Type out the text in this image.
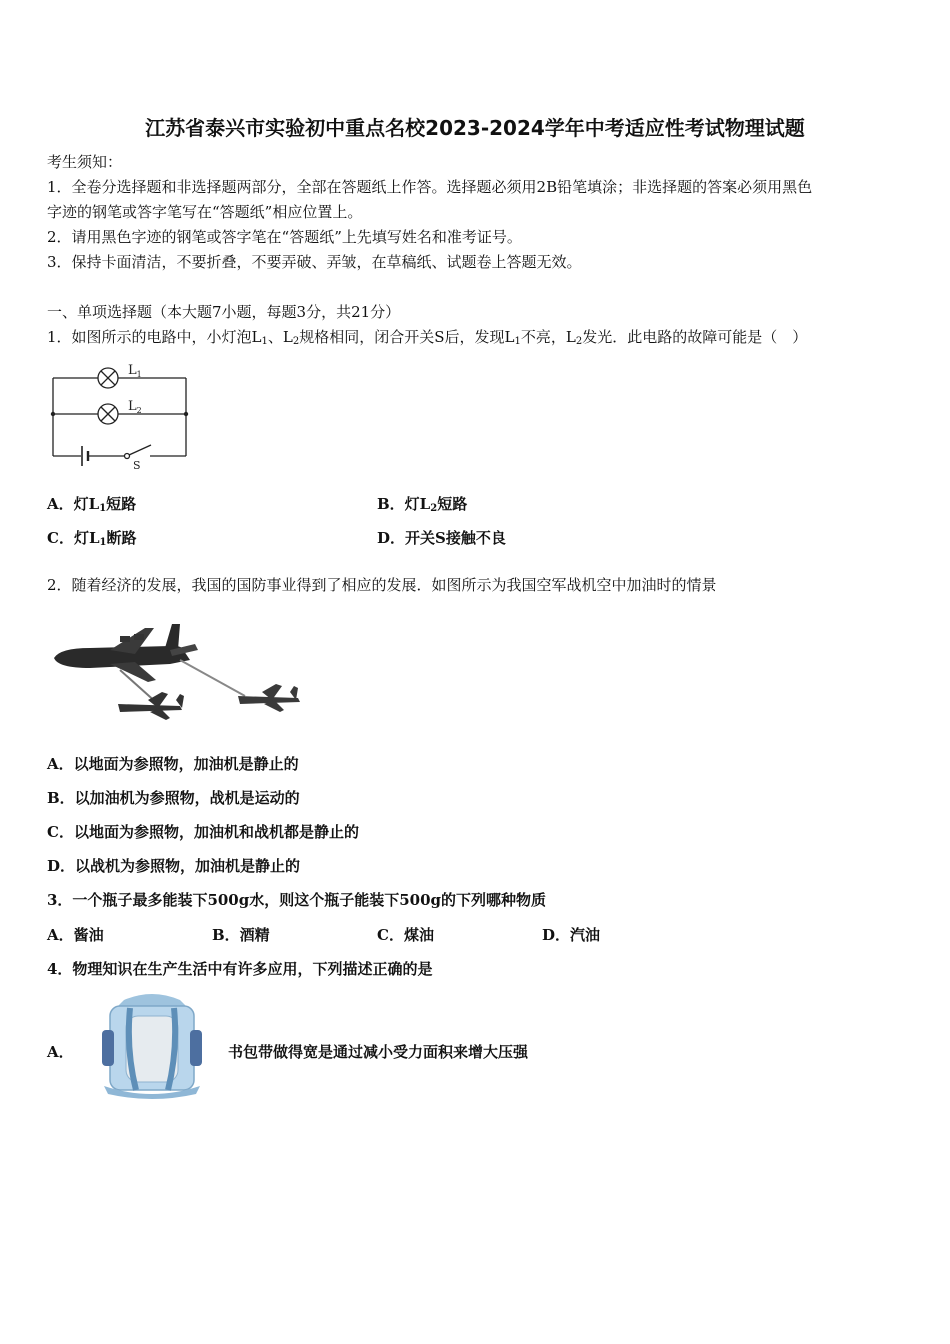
江苏省泰兴市实验初中重点名校2023-2024学年中考适应性考试物理试题
考生须知：
1．全卷分选择题和非选择题两部分，全部在答题纸上作答。选择题必须用2B铅笔填涂；非选择题的答案必须用黑色
字迹的钢笔或答字笔写在“答题纸”相应位置上。
2．请用黑色字迹的钢笔或答字笔在“答题纸”上先填写姓名和准考证号。
3．保持卡面清洁，不要折叠，不要弄破、弄皱，在草稿纸、试题卷上答题无效。
一、单项选择题（本大题7小题，每题3分，共21分）
1．如图所示的电路中，小灯泡$L_1$、$L_2$规格相同，闭合开关S后，发现$L_1$不亮，$L_2$发光．此电路的故障可能是（　）
$L_1$
$L_2$
S
A．灯$L_1$短路	B．灯$L_2$短路
C．灯$L_1$断路	D．开关S接触不良
2．随着经济的发展，我国的国防事业得到了相应的发展．如图所示为我国空军战机空中加油时的情景
A．以地面为参照物，加油机是静止的
B．以加油机为参照物，战机是运动的
C．以地面为参照物，加油机和战机都是静止的
D．以战机为参照物，加油机是静止的
3．一个瓶子最多能装下500g水，则这个瓶子能装下500g的下列哪种物质
A．酱油	B．酒精	C．煤油	D．汽油
4．物理知识在生产生活中有许多应用，下列描述正确的是
A．	书包带做得宽是通过减小受力面积来增大压强
